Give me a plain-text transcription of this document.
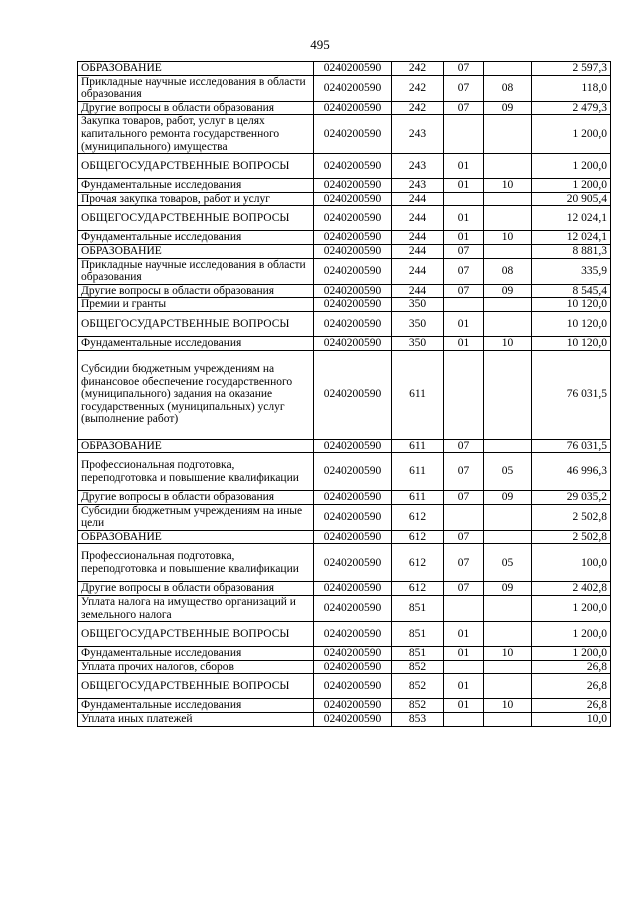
495
ОБРАЗОВАНИЕ	0240200590	242	07		2 597,3
Прикладные научные исследования в области образования	0240200590	242	07	08	118,0
Другие вопросы в области образования	0240200590	242	07	09	2 479,3
Закупка товаров, работ, услуг в целях капитального ремонта государственного (муниципального) имущества	0240200590	243			1 200,0
ОБЩЕГОСУДАРСТВЕННЫЕ ВОПРОСЫ	0240200590	243	01		1 200,0
Фундаментальные исследования	0240200590	243	01	10	1 200,0
Прочая закупка товаров, работ и услуг	0240200590	244			20 905,4
ОБЩЕГОСУДАРСТВЕННЫЕ ВОПРОСЫ	0240200590	244	01		12 024,1
Фундаментальные исследования	0240200590	244	01	10	12 024,1
ОБРАЗОВАНИЕ	0240200590	244	07		8 881,3
Прикладные научные исследования в области образования	0240200590	244	07	08	335,9
Другие вопросы в области образования	0240200590	244	07	09	8 545,4
Премии и гранты	0240200590	350			10 120,0
ОБЩЕГОСУДАРСТВЕННЫЕ ВОПРОСЫ	0240200590	350	01		10 120,0
Фундаментальные исследования	0240200590	350	01	10	10 120,0
Субсидии бюджетным учреждениям на финансовое обеспечение государственного (муниципального) задания на оказание государственных (муниципальных) услуг (выполнение работ)	0240200590	611			76 031,5
ОБРАЗОВАНИЕ	0240200590	611	07		76 031,5
Профессиональная подготовка, переподготовка и повышение квалификации	0240200590	611	07	05	46 996,3
Другие вопросы в области образования	0240200590	611	07	09	29 035,2
Субсидии бюджетным учреждениям на иные цели	0240200590	612			2 502,8
ОБРАЗОВАНИЕ	0240200590	612	07		2 502,8
Профессиональная подготовка, переподготовка и повышение квалификации	0240200590	612	07	05	100,0
Другие вопросы в области образования	0240200590	612	07	09	2 402,8
Уплата налога на имущество организаций и земельного налога	0240200590	851			1 200,0
ОБЩЕГОСУДАРСТВЕННЫЕ ВОПРОСЫ	0240200590	851	01		1 200,0
Фундаментальные исследования	0240200590	851	01	10	1 200,0
Уплата прочих налогов, сборов	0240200590	852			26,8
ОБЩЕГОСУДАРСТВЕННЫЕ ВОПРОСЫ	0240200590	852	01		26,8
Фундаментальные исследования	0240200590	852	01	10	26,8
Уплата иных платежей	0240200590	853			10,0
